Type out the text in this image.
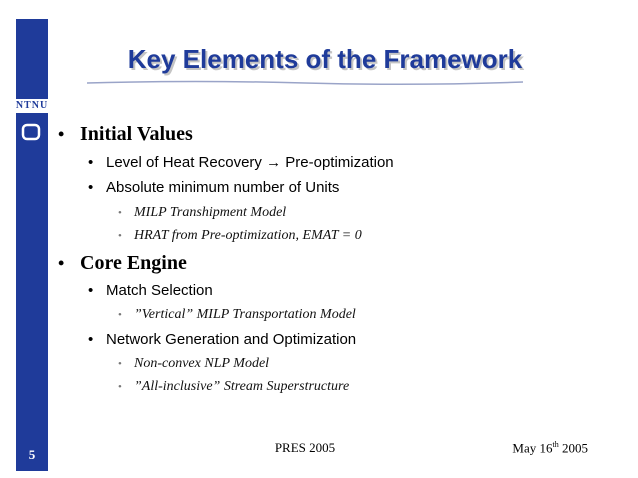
NTNU
5
Key Elements of the Framework
• Initial Values
• Level of Heat Recovery → Pre-optimization
• Absolute minimum number of Units
• MILP Transhipment Model
• HRAT from Pre-optimization, EMAT = 0
• Core Engine
• Match Selection
• ”Vertical” MILP Transportation Model
• Network Generation and Optimization
• Non-convex NLP Model
• ”All-inclusive” Stream Superstructure
PRES 2005	May 16th 2005
